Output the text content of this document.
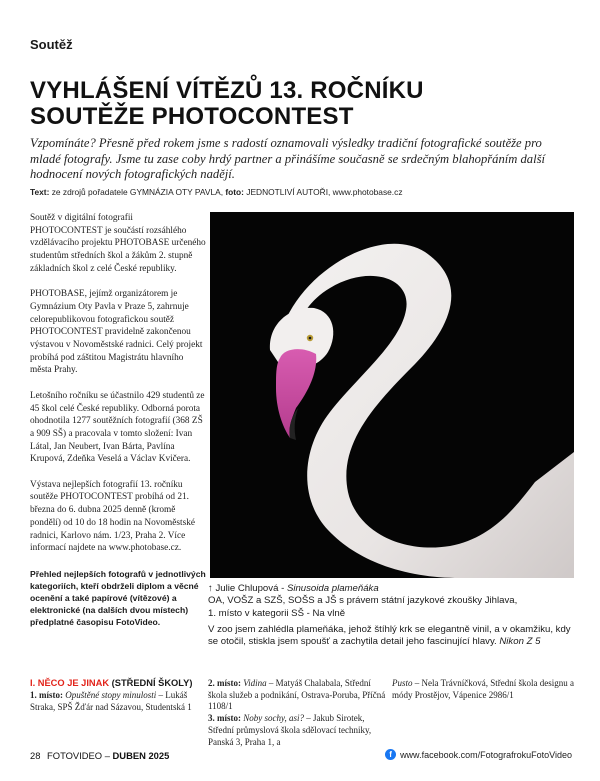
Soutěž
VYHLÁŠENÍ VÍTĚZŮ 13. ROČNÍKU
SOUTĚŽE PHOTOCONTEST
Vzpomínáte? Přesně před rokem jsme s radostí oznamovali výsledky tradiční fotografické soutěže pro mladé fotografy. Jsme tu zase coby hrdý partner a přinášíme současně se srdečným blahopřáním další hodnocení nových fotografických nadějí.
Text: ze zdrojů pořadatele GYMNÁZIA OTY PAVLA, foto: JEDNOTLIVÍ AUTOŘI, www.photobase.cz

Soutěž v digitální fotografii PHOTOCONTEST je součástí rozsáhlého vzdělávacího projektu PHOTOBASE určeného studentům středních škol a žákům 2. stupně základních škol z celé České republiky.

PHOTOBASE, jejímž organizátorem je Gymnázium Oty Pavla v Praze 5, zahrnuje celorepublikovou fotografickou soutěž PHOTOCONTEST pravidelně zakončenou výstavou v Novoměstské radnici. Celý projekt probíhá pod záštitou Magistrátu hlavního města Prahy.

Letošního ročníku se účastnilo 429 studentů ze 45 škol celé České republiky. Odborná porota ohodnotila 1277 soutěžních fotografií (368 ZŠ a 909 SŠ) a pracovala v tomto složení: Ivan Látal, Jan Neubert, Ivan Bárta, Pavlína Krupová, Zdeňka Veselá a Václav Kvičera.

Výstava nejlepších fotografií 13. ročníku soutěže PHOTOCONTEST probíhá od 21. března do 6. dubna 2025 denně (kromě pondělí) od 10 do 18 hodin na Novoměstské radnici, Karlovo nám. 1/23, Praha 2. Více informací najdete na www.photobase.cz.

Přehled nejlepších fotografů v jednotlivých kategoriích, kteří obdrželi diplom a věcné ocenění a také papírové (vítězové) a elektronické (na dalších dvou místech) předplatné časopisu FotoVideo.

↑ Julie Chlupová - Sinusoida plameňáka
OA, VOŠZ a SZŠ, SOŠS a JŠ s právem státní jazykové zkoušky Jihlava,
1. místo v kategorii SŠ - Na vlně
V zoo jsem zahlédla plameňáka, jehož štíhlý krk se elegantně vinil, a v okamžiku, kdy se otočil, stiskla jsem spoušť a zachytila detail jeho fascinující hlavy. Nikon Z 5
I. NĚCO JE JINAK (STŘEDNÍ ŠKOLY)
1. místo: Opuštěné stopy minulosti – Lukáš Straka, SPŠ Žďár nad Sázavou, Studentská 1
2. místo: Vidina – Matyáš Chalabala, Střední škola služeb a podnikání, Ostrava-Poruba, Příčná 1108/1
3. místo: Noby sochy, asi? – Jakub Sirotek, Střední průmyslová škola sdělovací techniky, Panská 3, Praha 1, a
Pusto – Nela Trávníčková, Střední škola designu a módy Prostějov, Vápenice 2986/1
28 FOTOVIDEO – DUBEN 2025	f www.facebook.com/FotografrokuFotoVideo
